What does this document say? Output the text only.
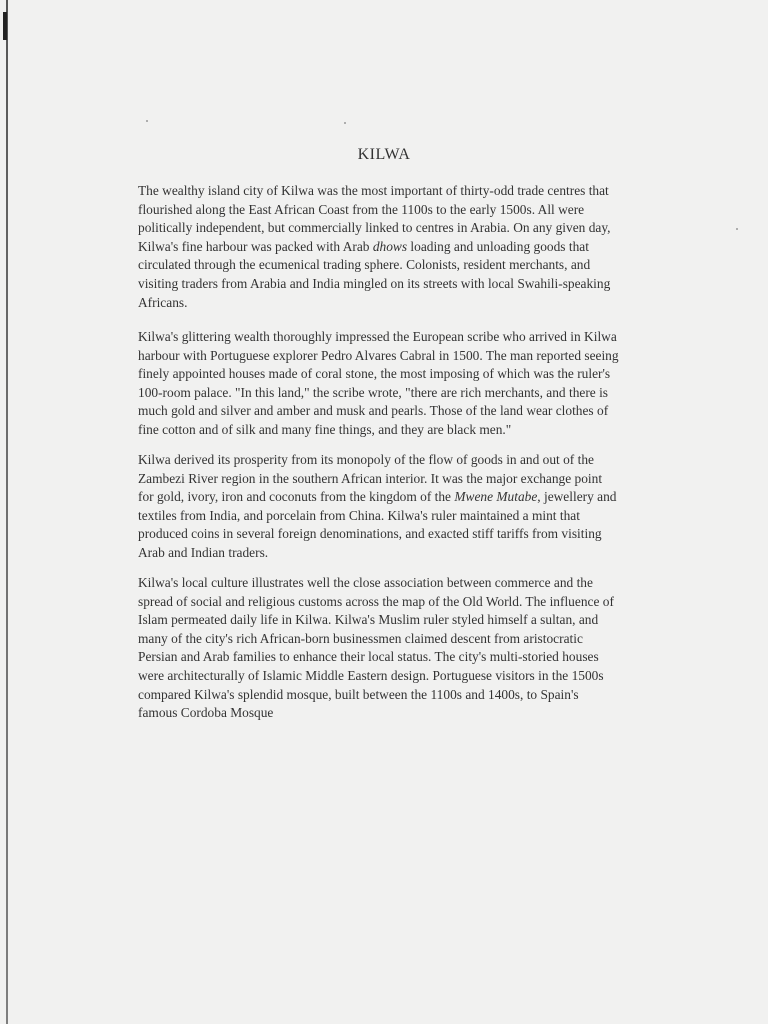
KILWA
The wealthy island city of Kilwa was the most important of thirty-odd trade centres that
flourished along the East African Coast from the 1100s to the early 1500s. All were
politically independent, but commercially linked to centres in Arabia. On any given day,
Kilwa's fine harbour was packed with Arab dhows loading and unloading goods that
circulated through the ecumenical trading sphere. Colonists, resident merchants, and
visiting traders from Arabia and India mingled on its streets with local Swahili-speaking
Africans.
Kilwa's glittering wealth thoroughly impressed the European scribe who arrived in Kilwa
harbour with Portuguese explorer Pedro Alvares Cabral in 1500. The man reported seeing
finely appointed houses made of coral stone, the most imposing of which was the ruler's
100-room palace. "In this land," the scribe wrote, "there are rich merchants, and there is
much gold and silver and amber and musk and pearls. Those of the land wear clothes of
fine cotton and of silk and many fine things, and they are black men."
Kilwa derived its prosperity from its monopoly of the flow of goods in and out of the
Zambezi River region in the southern African interior. It was the major exchange point
for gold, ivory, iron and coconuts from the kingdom of the Mwene Mutabe, jewellery and
textiles from India, and porcelain from China. Kilwa's ruler maintained a mint that
produced coins in several foreign denominations, and exacted stiff tariffs from visiting
Arab and Indian traders.
Kilwa's local culture illustrates well the close association between commerce and the
spread of social and religious customs across the map of the Old World. The influence of
Islam permeated daily life in Kilwa. Kilwa's Muslim ruler styled himself a sultan, and
many of the city's rich African-born businessmen claimed descent from aristocratic
Persian and Arab families to enhance their local status. The city's multi-storied houses
were architecturally of Islamic Middle Eastern design. Portuguese visitors in the 1500s
compared Kilwa's splendid mosque, built between the 1100s and 1400s, to Spain's
famous Cordoba Mosque
